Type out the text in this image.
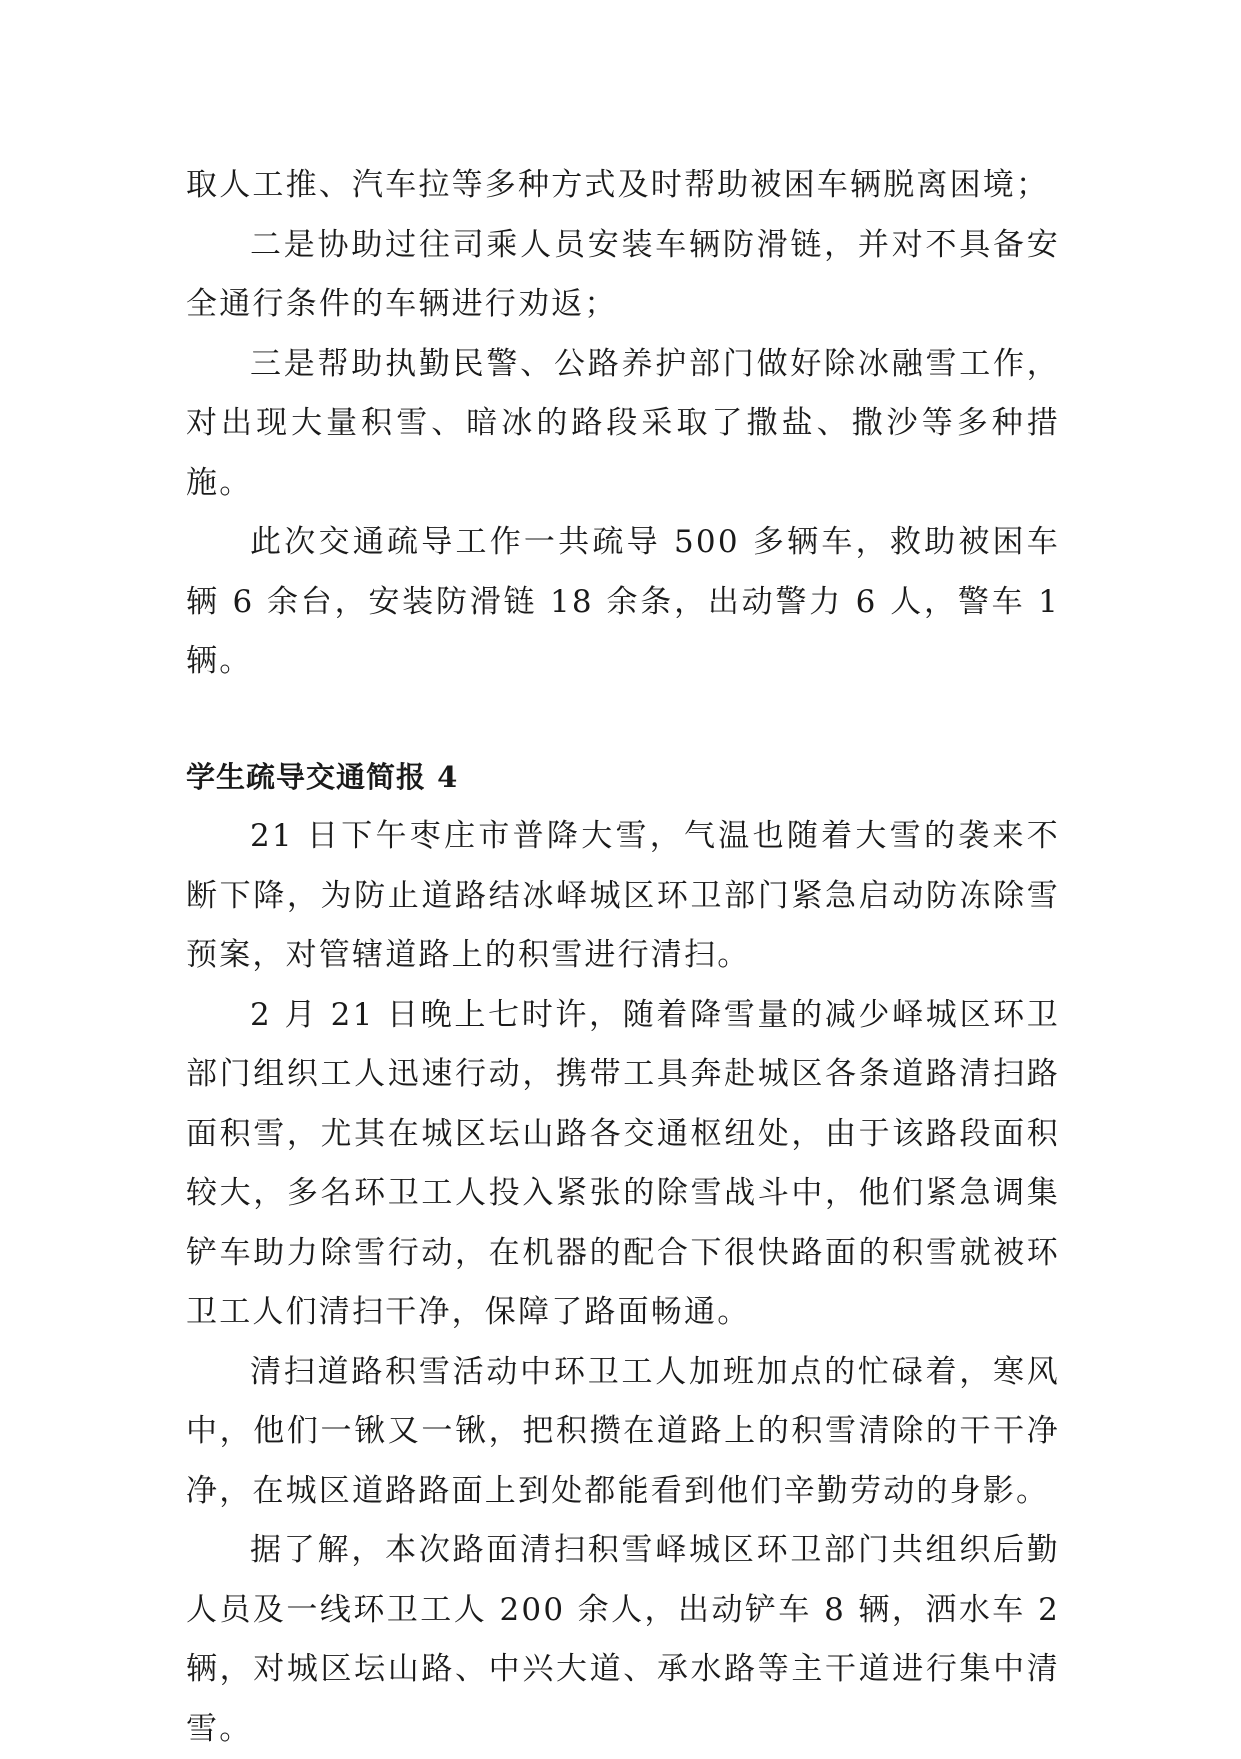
取人工推、汽车拉等多种方式及时帮助被困车辆脱离困境；

二是协助过往司乘人员安装车辆防滑链，并对不具备安全通行条件的车辆进行劝返；

三是帮助执勤民警、公路养护部门做好除冰融雪工作，对出现大量积雪、暗冰的路段采取了撒盐、撒沙等多种措施。

此次交通疏导工作一共疏导 500 多辆车，救助被困车辆 6 余台，安装防滑链 18 余条，出动警力 6 人，警车 1 辆。

学生疏导交通简报 4

21 日下午枣庄市普降大雪，气温也随着大雪的袭来不断下降，为防止道路结冰峄城区环卫部门紧急启动防冻除雪预案，对管辖道路上的积雪进行清扫。

2 月 21 日晚上七时许，随着降雪量的减少峄城区环卫部门组织工人迅速行动，携带工具奔赴城区各条道路清扫路面积雪，尤其在城区坛山路各交通枢纽处，由于该路段面积较大，多名环卫工人投入紧张的除雪战斗中，他们紧急调集铲车助力除雪行动，在机器的配合下很快路面的积雪就被环卫工人们清扫干净，保障了路面畅通。

清扫道路积雪活动中环卫工人加班加点的忙碌着，寒风中，他们一锹又一锹，把积攒在道路上的积雪清除的干干净净，在城区道路路面上到处都能看到他们辛勤劳动的身影。

据了解，本次路面清扫积雪峄城区环卫部门共组织后勤人员及一线环卫工人 200 余人，出动铲车 8 辆，洒水车 2 辆，对城区坛山路、中兴大道、承水路等主干道进行集中清雪。
